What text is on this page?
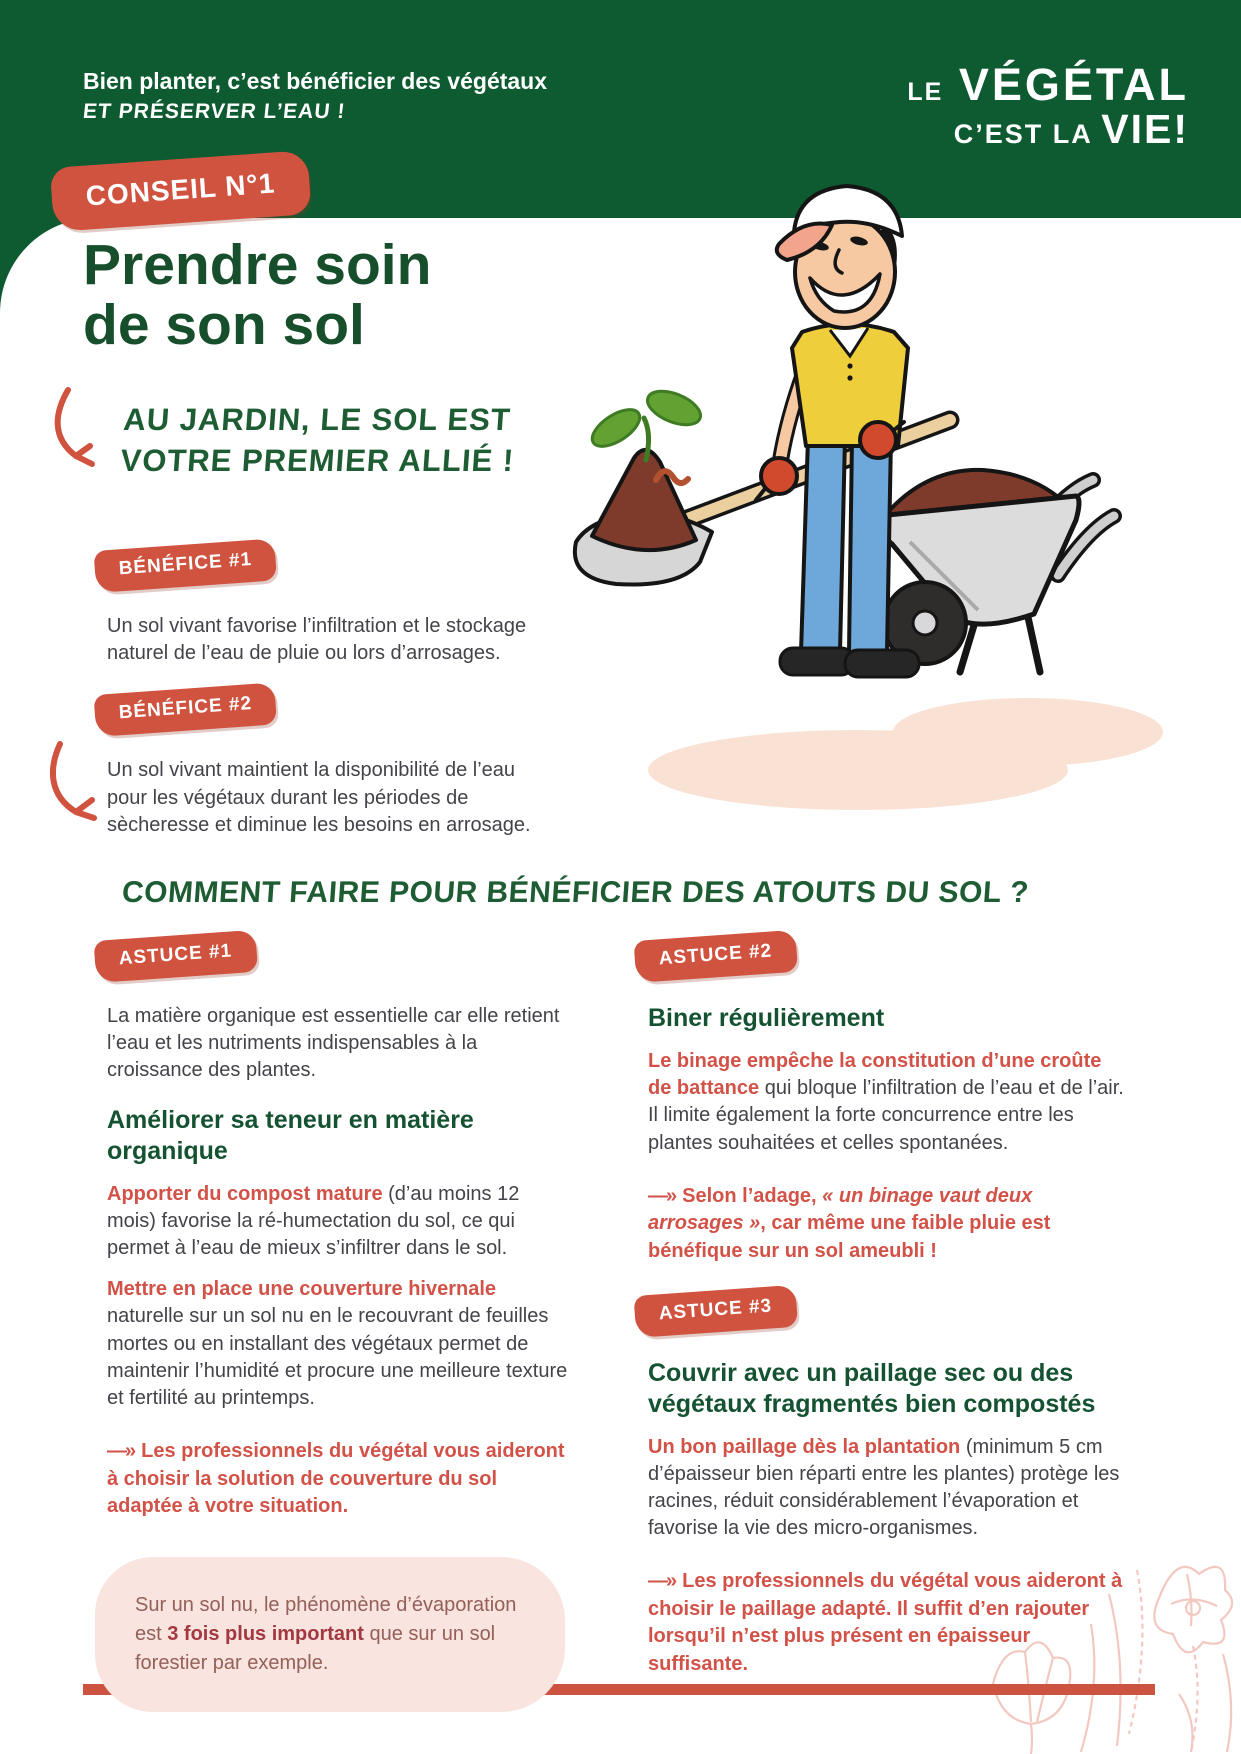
Bien planter, c’est bénéficier des végétaux
ET PRÉSERVER L’EAU !
LE VÉGÉTAL
C’EST LA VIE!
CONSEIL N°1
Prendre soin
de son sol
AU JARDIN, LE SOL EST
VOTRE PREMIER ALLIÉ !
BÉNÉFICE #1

Un sol vivant favorise l’infiltration et le stockage naturel de l’eau de pluie ou lors d’arrosages.

BÉNÉFICE #2

Un sol vivant maintient la disponibilité de l’eau pour les végétaux durant les périodes de sècheresse et diminue les besoins en arrosage.

COMMENT FAIRE POUR BÉNÉFICIER DES ATOUTS DU SOL ?
ASTUCE #1

La matière organique est essentielle car elle retient l’eau et les nutriments indispensables à la croissance des plantes.

Améliorer sa teneur en matière organique

Apporter du compost mature (d’au moins 12 mois) favorise la ré-humectation du sol, ce qui permet à l’eau de mieux s’infiltrer dans le sol.

Mettre en place une couverture hivernale naturelle sur un sol nu en le recouvrant de feuilles mortes ou en installant des végétaux permet de maintenir l’humidité et procure une meilleure texture et fertilité au printemps.

—» Les professionnels du végétal vous aideront à choisir la solution de couverture du sol adaptée à votre situation.

Sur un sol nu, le phénomène d’évaporation est 3 fois plus important que sur un sol forestier par exemple.
ASTUCE #2
Biner régulièrement

Le binage empêche la constitution d’une croûte de battance qui bloque l’infiltration de l’eau et de l’air. Il limite également la forte concurrence entre les plantes souhaitées et celles spontanées.

—» Selon l’adage, « un binage vaut deux arrosages », car même une faible pluie est bénéfique sur un sol ameubli !

ASTUCE #3
Couvrir avec un paillage sec ou des végétaux fragmentés bien compostés

Un bon paillage dès la plantation (minimum 5 cm d’épaisseur bien réparti entre les plantes) protège les racines, réduit considérablement l’évaporation et favorise la vie des micro-organismes.

—» Les professionnels du végétal vous aideront à choisir le paillage adapté. Il suffit d’en rajouter lorsqu’il n’est plus présent en épaisseur suffisante.
